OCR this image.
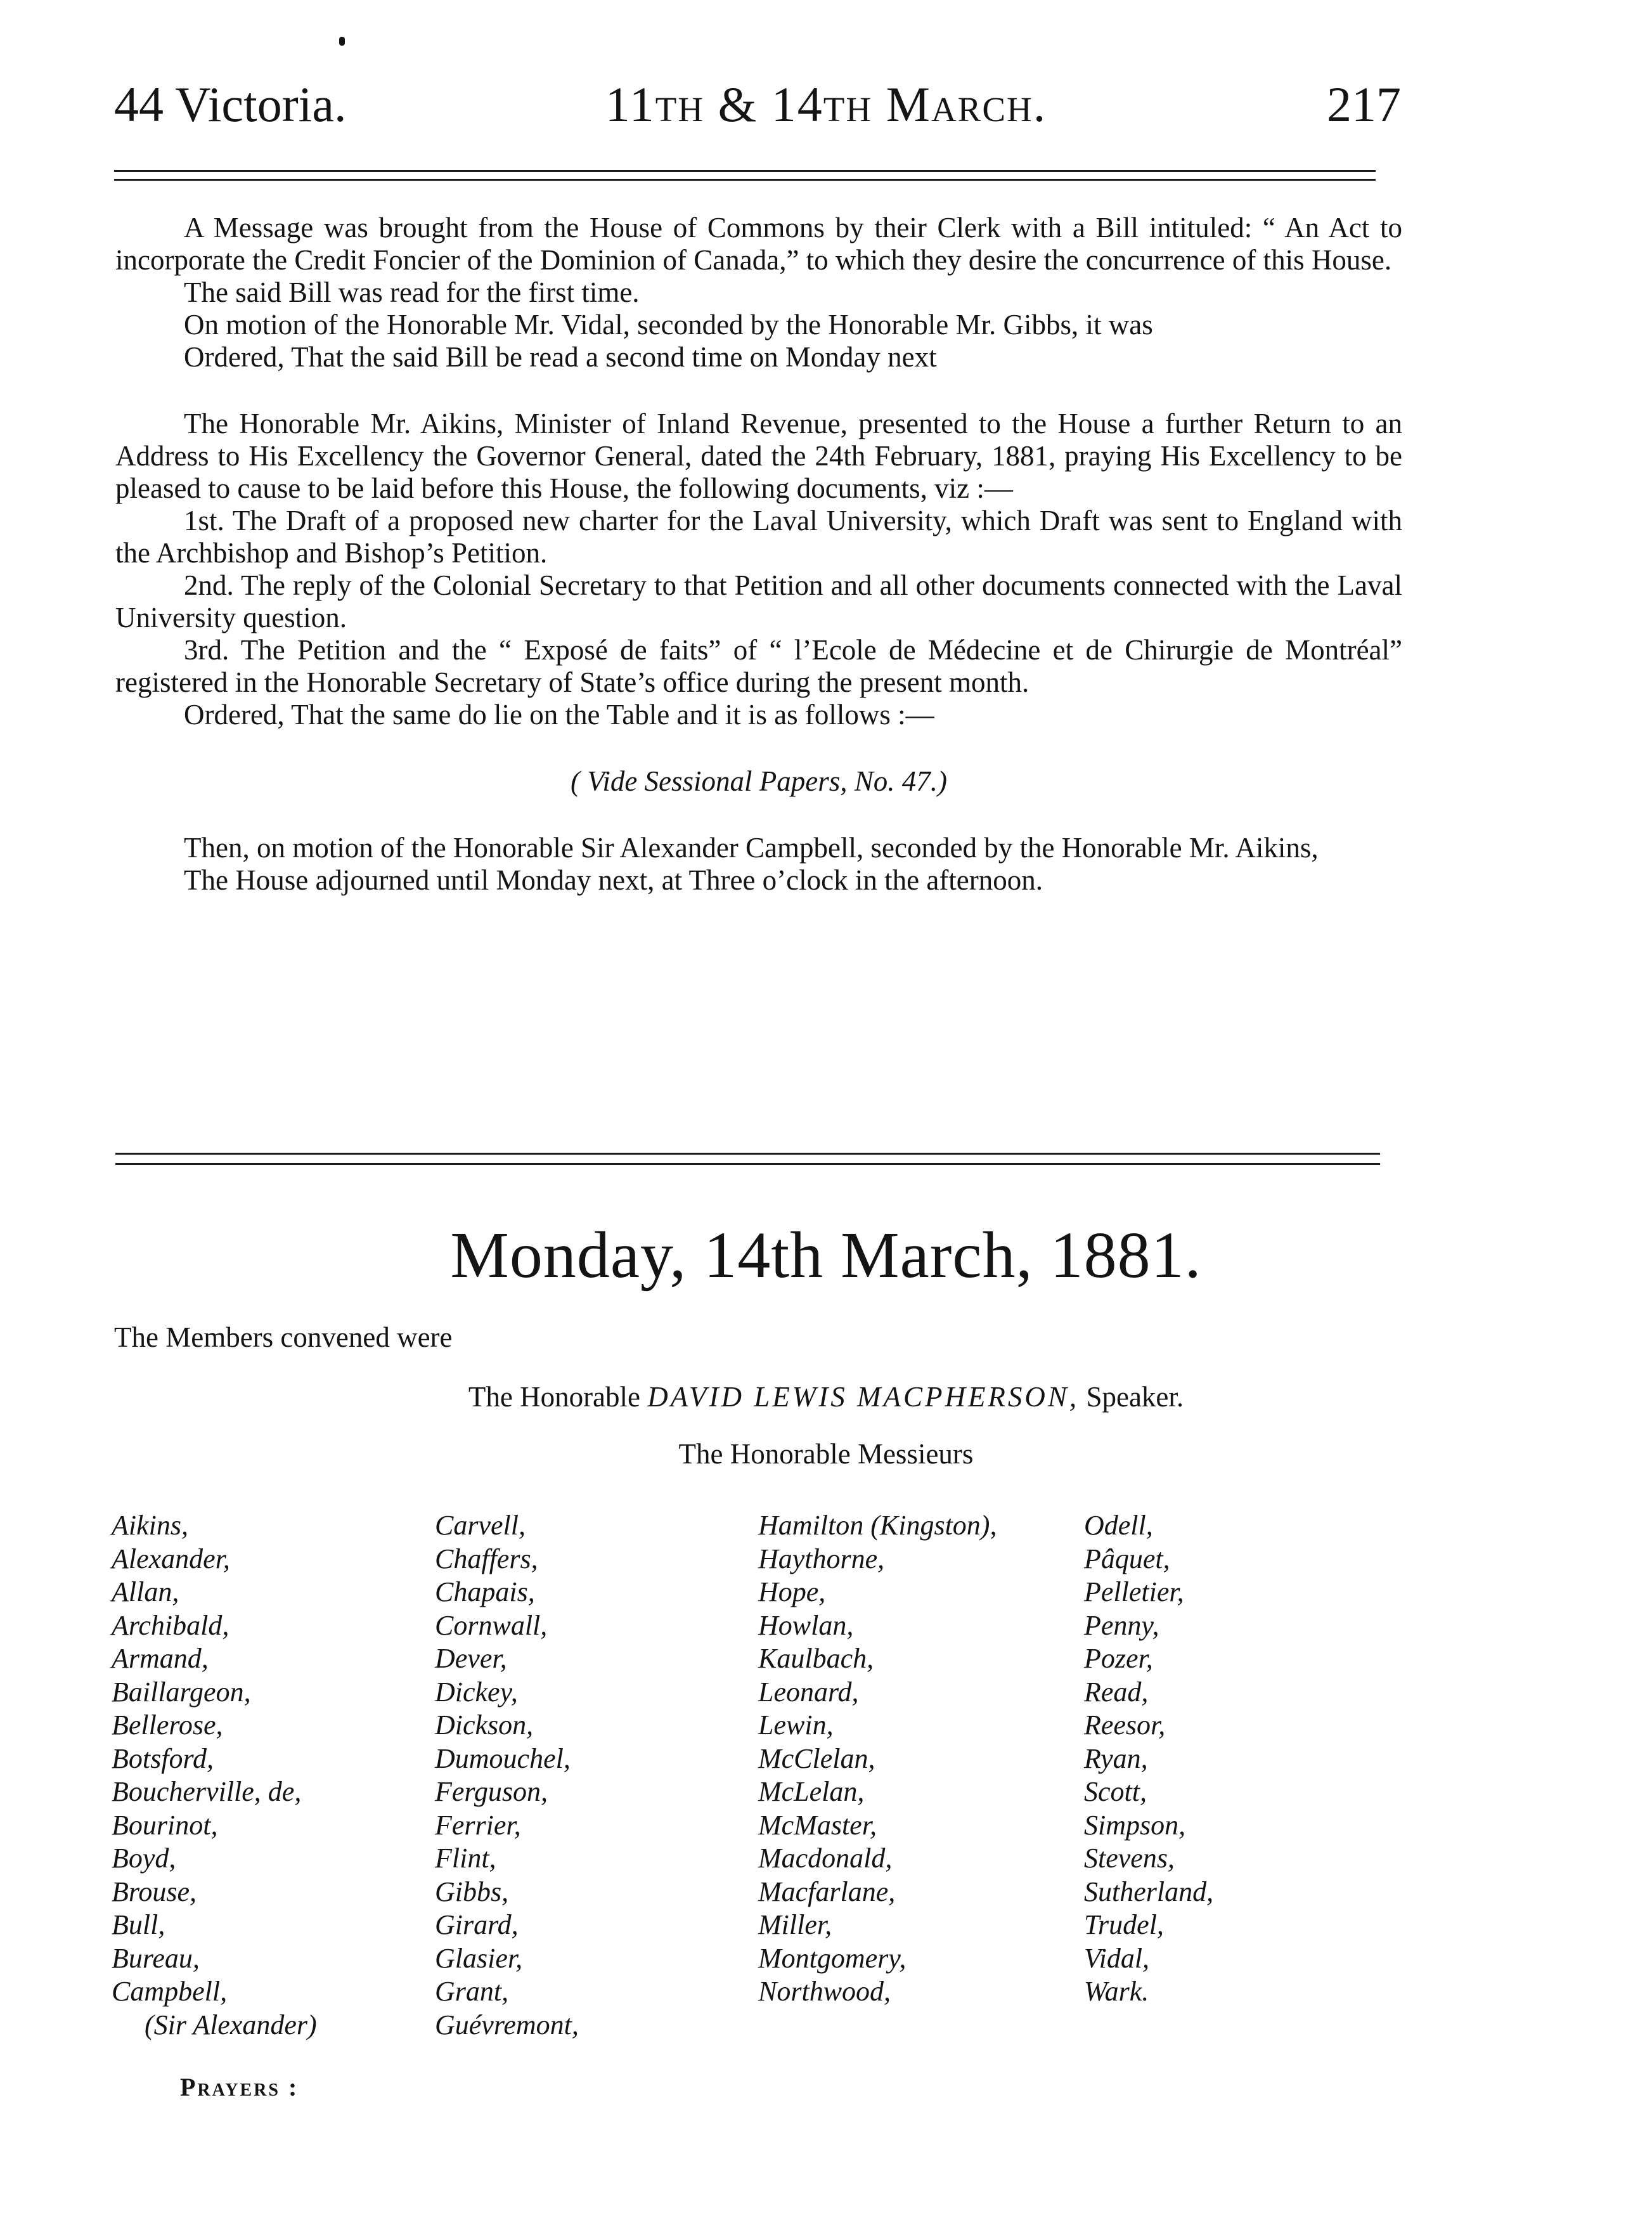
44 Victoria.	11th & 14th March.	217

A Message was brought from the House of Commons by their Clerk with a Bill intituled: “ An Act to incorporate the Credit Foncier of the Dominion of Canada,” to which they desire the concurrence of this House.

The said Bill was read for the first time.

On motion of the Honorable Mr. Vidal, seconded by the Honorable Mr. Gibbs, it was

Ordered, That the said Bill be read a second time on Monday next

The Honorable Mr. Aikins, Minister of Inland Revenue, presented to the House a further Return to an Address to His Excellency the Governor General, dated the 24th February, 1881, praying His Excellency to be pleased to cause to be laid before this House, the following documents, viz :—

1st. The Draft of a proposed new charter for the Laval University, which Draft was sent to England with the Archbishop and Bishop’s Petition.

2nd. The reply of the Colonial Secretary to that Petition and all other documents connected with the Laval University question.

3rd. The Petition and the “ Exposé de faits” of “ l’Ecole de Médecine et de Chirurgie de Montréal” registered in the Honorable Secretary of State’s office during the present month.

Ordered, That the same do lie on the Table and it is as follows :—

( Vide Sessional Papers, No. 47.)

Then, on motion of the Honorable Sir Alexander Campbell, seconded by the Honorable Mr. Aikins,

The House adjourned until Monday next, at Three o’clock in the afternoon.

Monday, 14th March, 1881.
The Members convened were
The Honorable DAVID LEWIS MACPHERSON, Speaker.
The Honorable Messieurs
Aikins,
Alexander,
Allan,
Archibald,
Armand,
Baillargeon,
Bellerose,
Botsford,
Boucherville, de,
Bourinot,
Boyd,
Brouse,
Bull,
Bureau,
Campbell,
(Sir Alexander)
Carvell,
Chaffers,
Chapais,
Cornwall,
Dever,
Dickey,
Dickson,
Dumouchel,
Ferguson,
Ferrier,
Flint,
Gibbs,
Girard,
Glasier,
Grant,
Guévremont,
Hamilton (Kingston),
Haythorne,
Hope,
Howlan,
Kaulbach,
Leonard,
Lewin,
McClelan,
McLelan,
McMaster,
Macdonald,
Macfarlane,
Miller,
Montgomery,
Northwood,
Odell,
Pâquet,
Pelletier,
Penny,
Pozer,
Read,
Reesor,
Ryan,
Scott,
Simpson,
Stevens,
Sutherland,
Trudel,
Vidal,
Wark.
Prayers :
